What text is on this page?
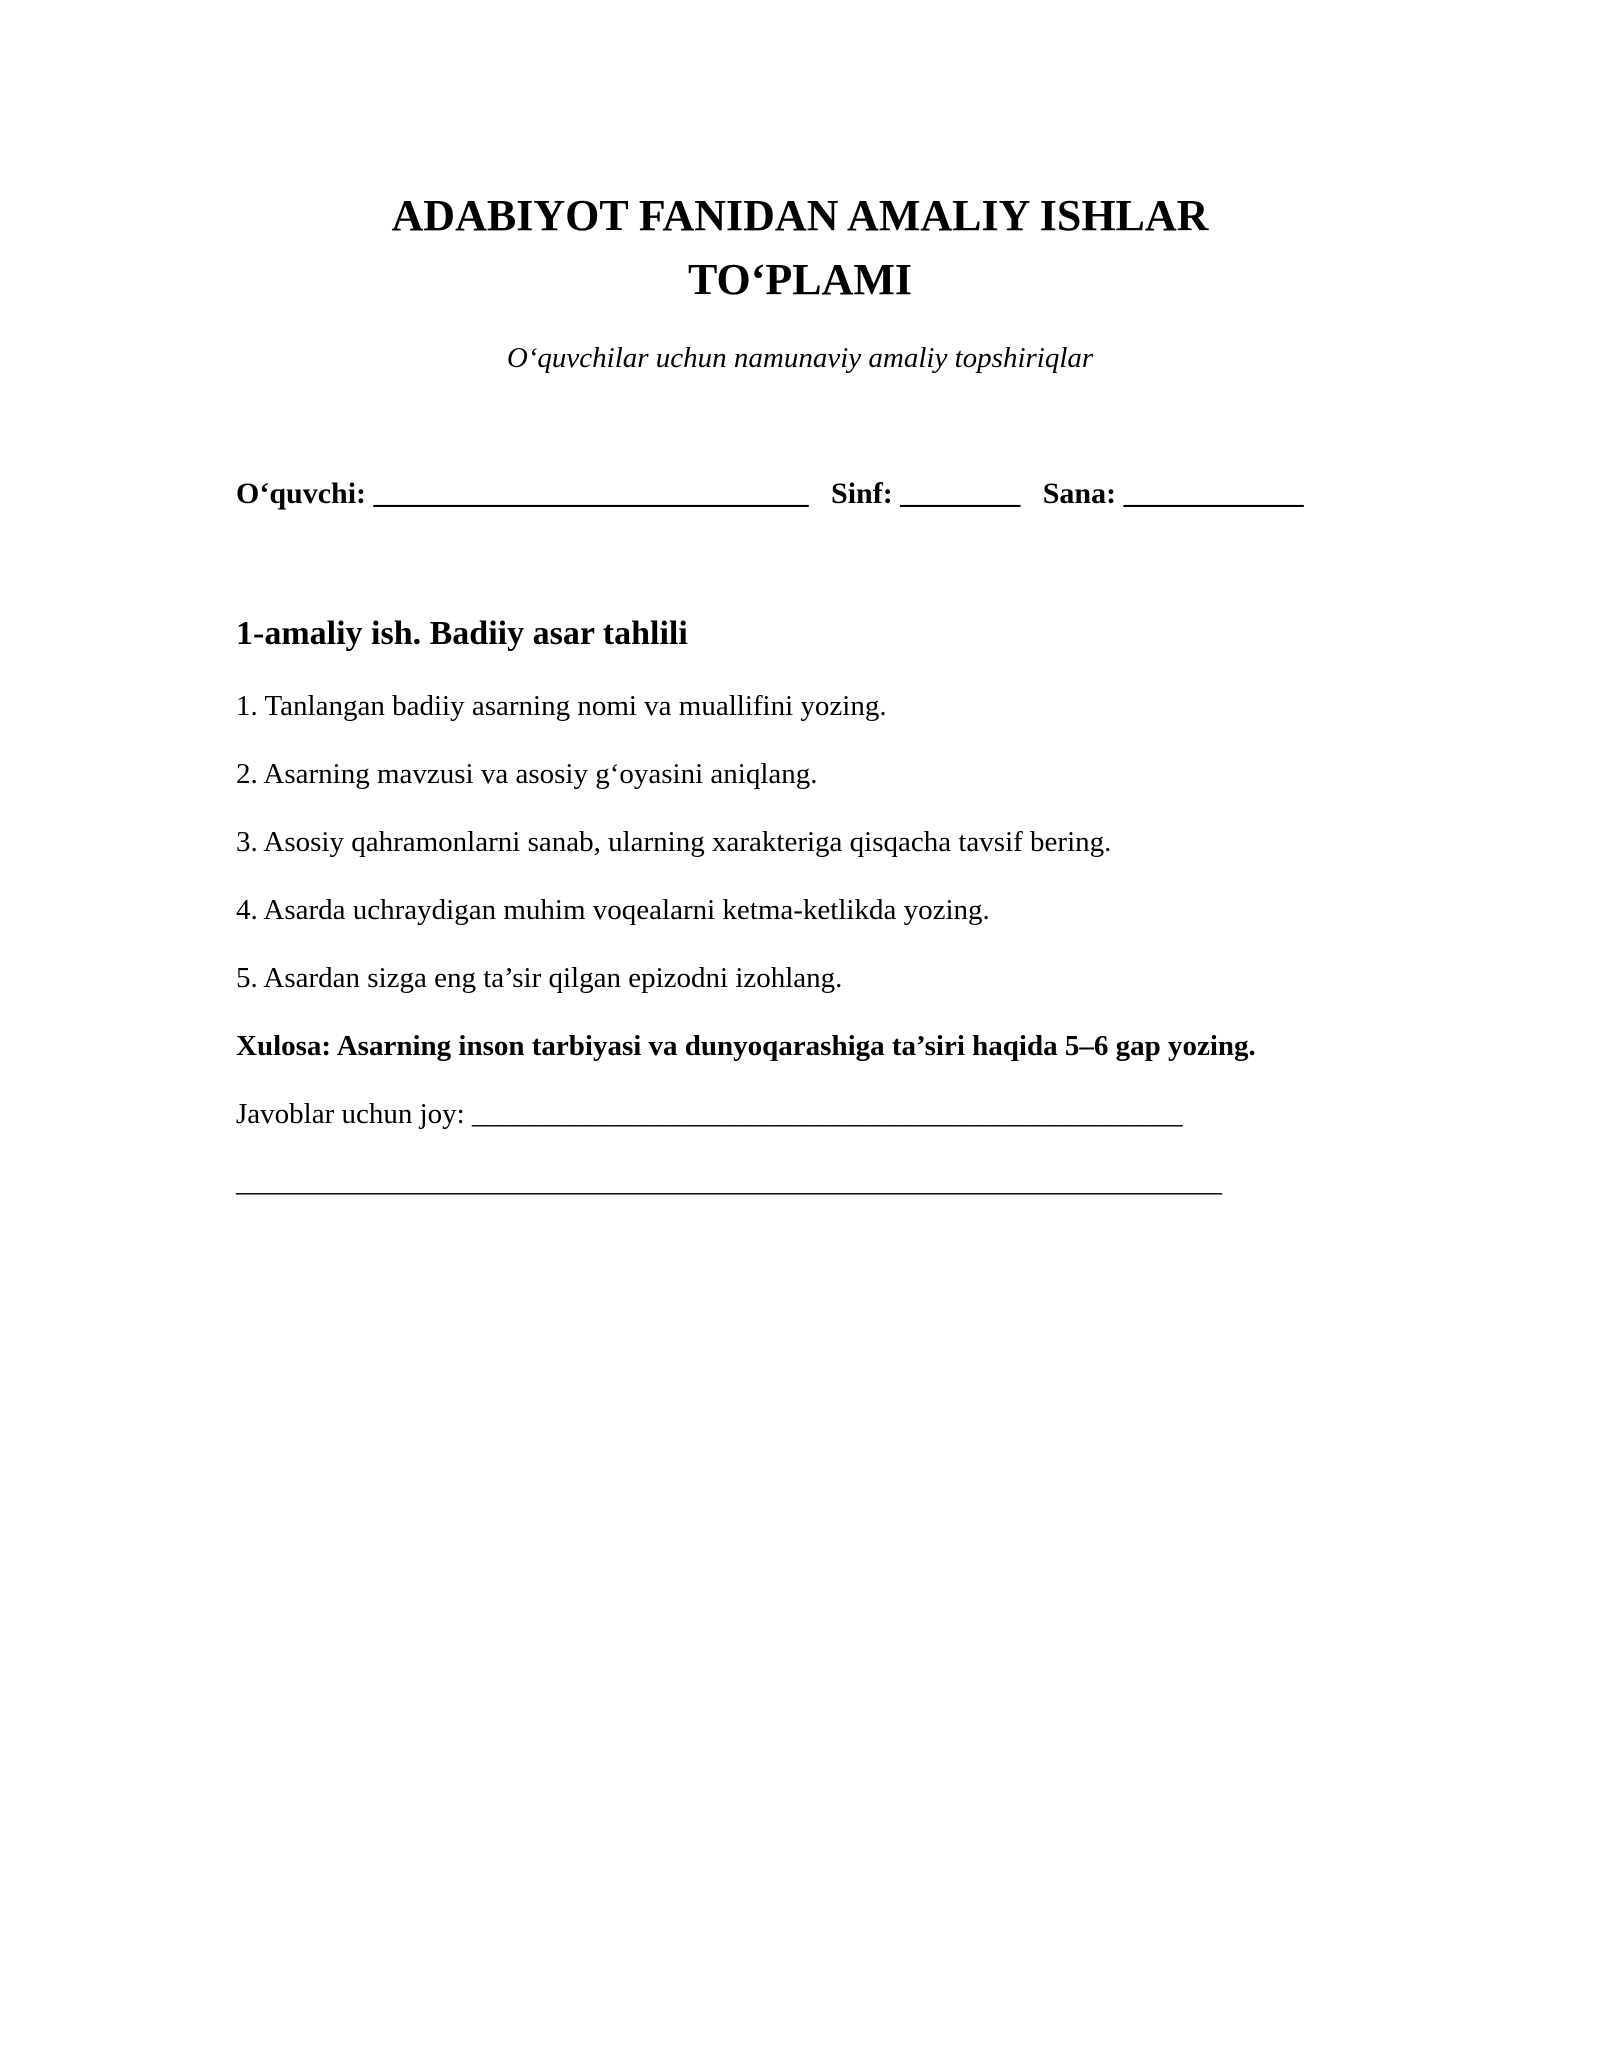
ADABIYOT FANIDAN AMALIY ISHLAR
TO‘PLAMI

O‘quvchilar uchun namunaviy amaliy topshiriqlar

O‘quvchi: _____________________________ Sinf: ________ Sana: ____________
1-amaliy ish. Badiiy asar tahlili

1. Tanlangan badiiy asarning nomi va muallifini yozing.

2. Asarning mavzusi va asosiy g‘oyasini aniqlang.

3. Asosiy qahramonlarni sanab, ularning xarakteriga qisqacha tavsif bering.

4. Asarda uchraydigan muhim voqealarni ketma-ketlikda yozing.

5. Asardan sizga eng ta’sir qilgan epizodni izohlang.

Xulosa: Asarning inson tarbiyasi va dunyoqarashiga ta’siri haqida 5–6 gap yozing.

Javoblar uchun joy: _________________________________________________

____________________________________________________________________
